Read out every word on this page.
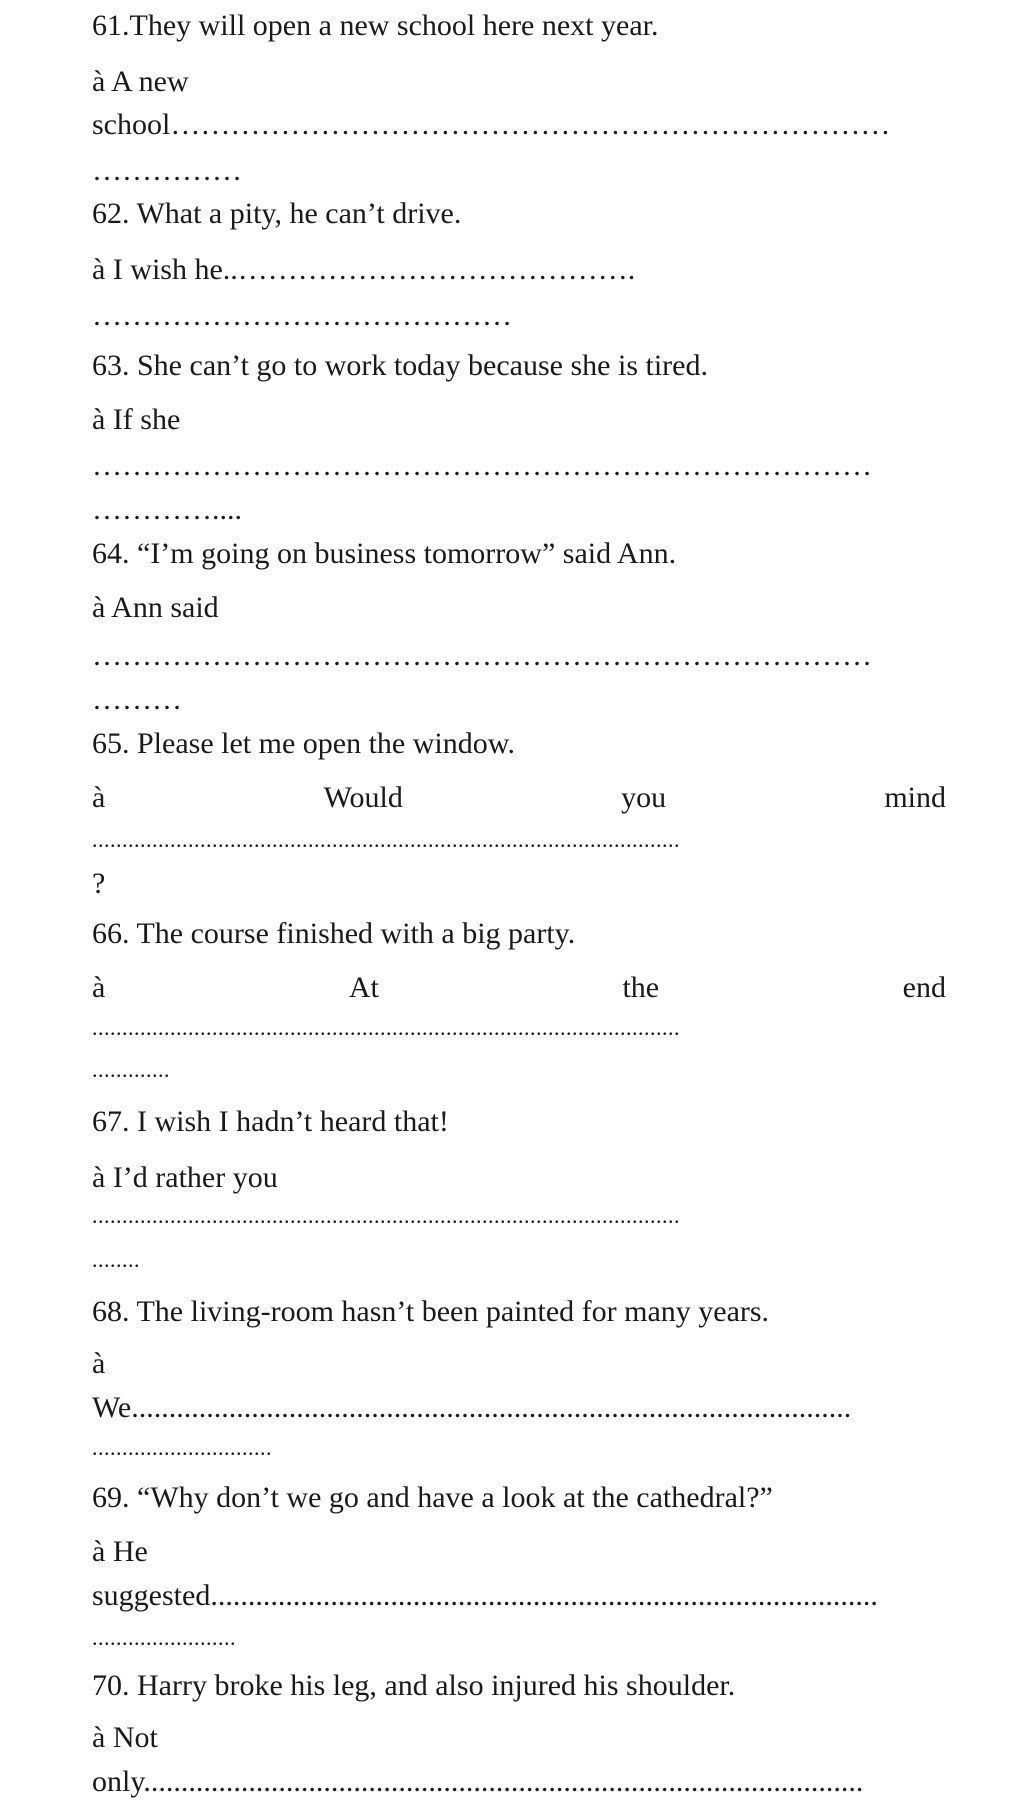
61.They will open a new school here next year.
à A new
school………………………………………………………………
……………
62. What a pity, he can’t drive.
à I wish he..………………………………….
……………………………………
63. She can’t go to work today because she is tired.
à If she
……………………………………………………………………
…………....
64. “I’m going on business tomorrow” said Ann.
à Ann said
……………………………………………………………………
………
65. Please let me open the window.
à	Would	you	mind
..................................................................................................
?
66. The course finished with a big party.
à	At	the	end
..................................................................................................
.............
67. I wish I hadn’t heard that!
à I’d rather you
..................................................................................................
........
68. The living-room hasn’t been painted for many years.
à
We................................................................................................
..............................
69. “Why don’t we go and have a look at the cathedral?”
à He
suggested.........................................................................................
........................
70. Harry broke his leg, and also injured his shoulder.
à Not
only................................................................................................
